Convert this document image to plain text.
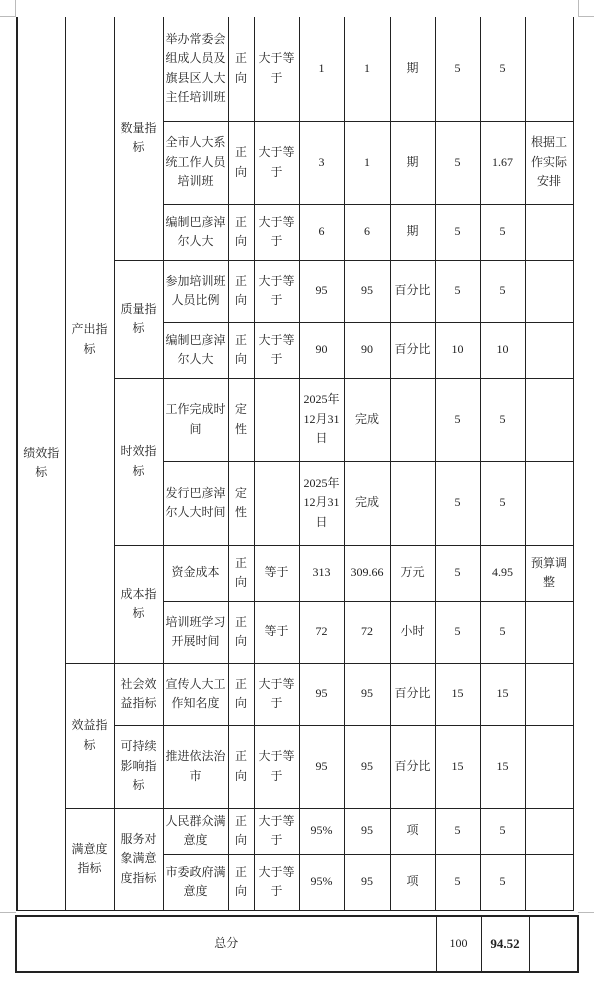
绩效指标	产出指标	数量指标	举办常委会组成人员及旗县区人大主任培训班	正向	大于等于	1	1	期	5	5	
			全市人大系统工作人员培训班	正向	大于等于	3	1	期	5	1.67	根据工作实际安排
			编制巴彦淖尔人大	正向	大于等于	6	6	期	5	5	
		质量指标	参加培训班人员比例	正向	大于等于	95	95	百分比	5	5	
			编制巴彦淖尔人大	正向	大于等于	90	90	百分比	10	10	
		时效指标	工作完成时间	定性		2025年12月31日	完成		5	5	
			发行巴彦淖尔人大时间	定性		2025年12月31日	完成		5	5	
		成本指标	资金成本	正向	等于	313	309.66	万元	5	4.95	预算调整
			培训班学习开展时间	正向	等于	72	72	小时	5	5	
	效益指标	社会效益指标	宣传人大工作知名度	正向	大于等于	95	95	百分比	15	15	
		可持续影响指标	推进依法治市	正向	大于等于	95	95	百分比	15	15	
	满意度指标	服务对象满意度指标	人民群众满意度	正向	大于等于	95%	95	项	5	5	
			市委政府满意度	正向	大于等于	95%	95	项	5	5	
总分	100	94.52	
